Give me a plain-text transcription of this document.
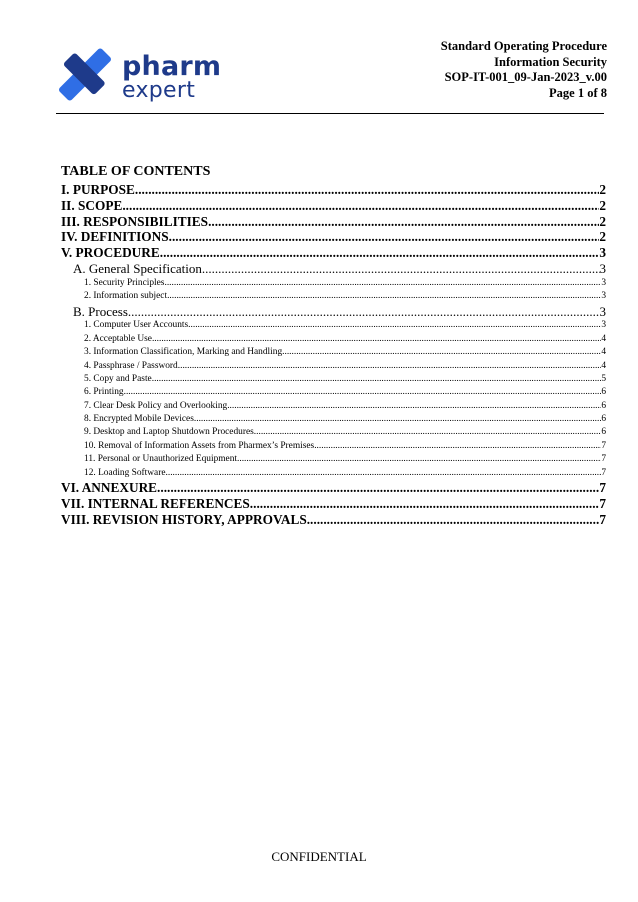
pharm
expert
Standard Operating Procedure
Information Security
SOP-IT-001_09-Jan-2023_v.00
Page 1 of 8
TABLE OF CONTENTS
I. PURPOSE .....	2
II. SCOPE .....	2
III. RESPONSIBILITIES .....	2
IV. DEFINITIONS .....	2
V. PROCEDURE .....	3
A. General Specification .....	3
1. Security Principles .....	3
2. Information subject .....	3
B. Process .....	3
1. Computer User Accounts .....	3
2. Acceptable Use .....	4
3. Information Classification, Marking and Handling .....	4
4. Passphrase / Password .....	4
5. Copy and Paste .....	5
6. Printing .....	6
7. Clear Desk Policy and Overlooking .....	6
8. Encrypted Mobile Devices .....	6
9. Desktop and Laptop Shutdown Procedures .....	6
10. Removal of Information Assets from Pharmex’s Premises .....	7
11. Personal or Unauthorized Equipment .....	7
12. Loading Software .....	7
VI. ANNEXURE .....	7
VII. INTERNAL REFERENCES .....	7
VIII. REVISION HISTORY, APPROVALS .....	7
CONFIDENTIAL
